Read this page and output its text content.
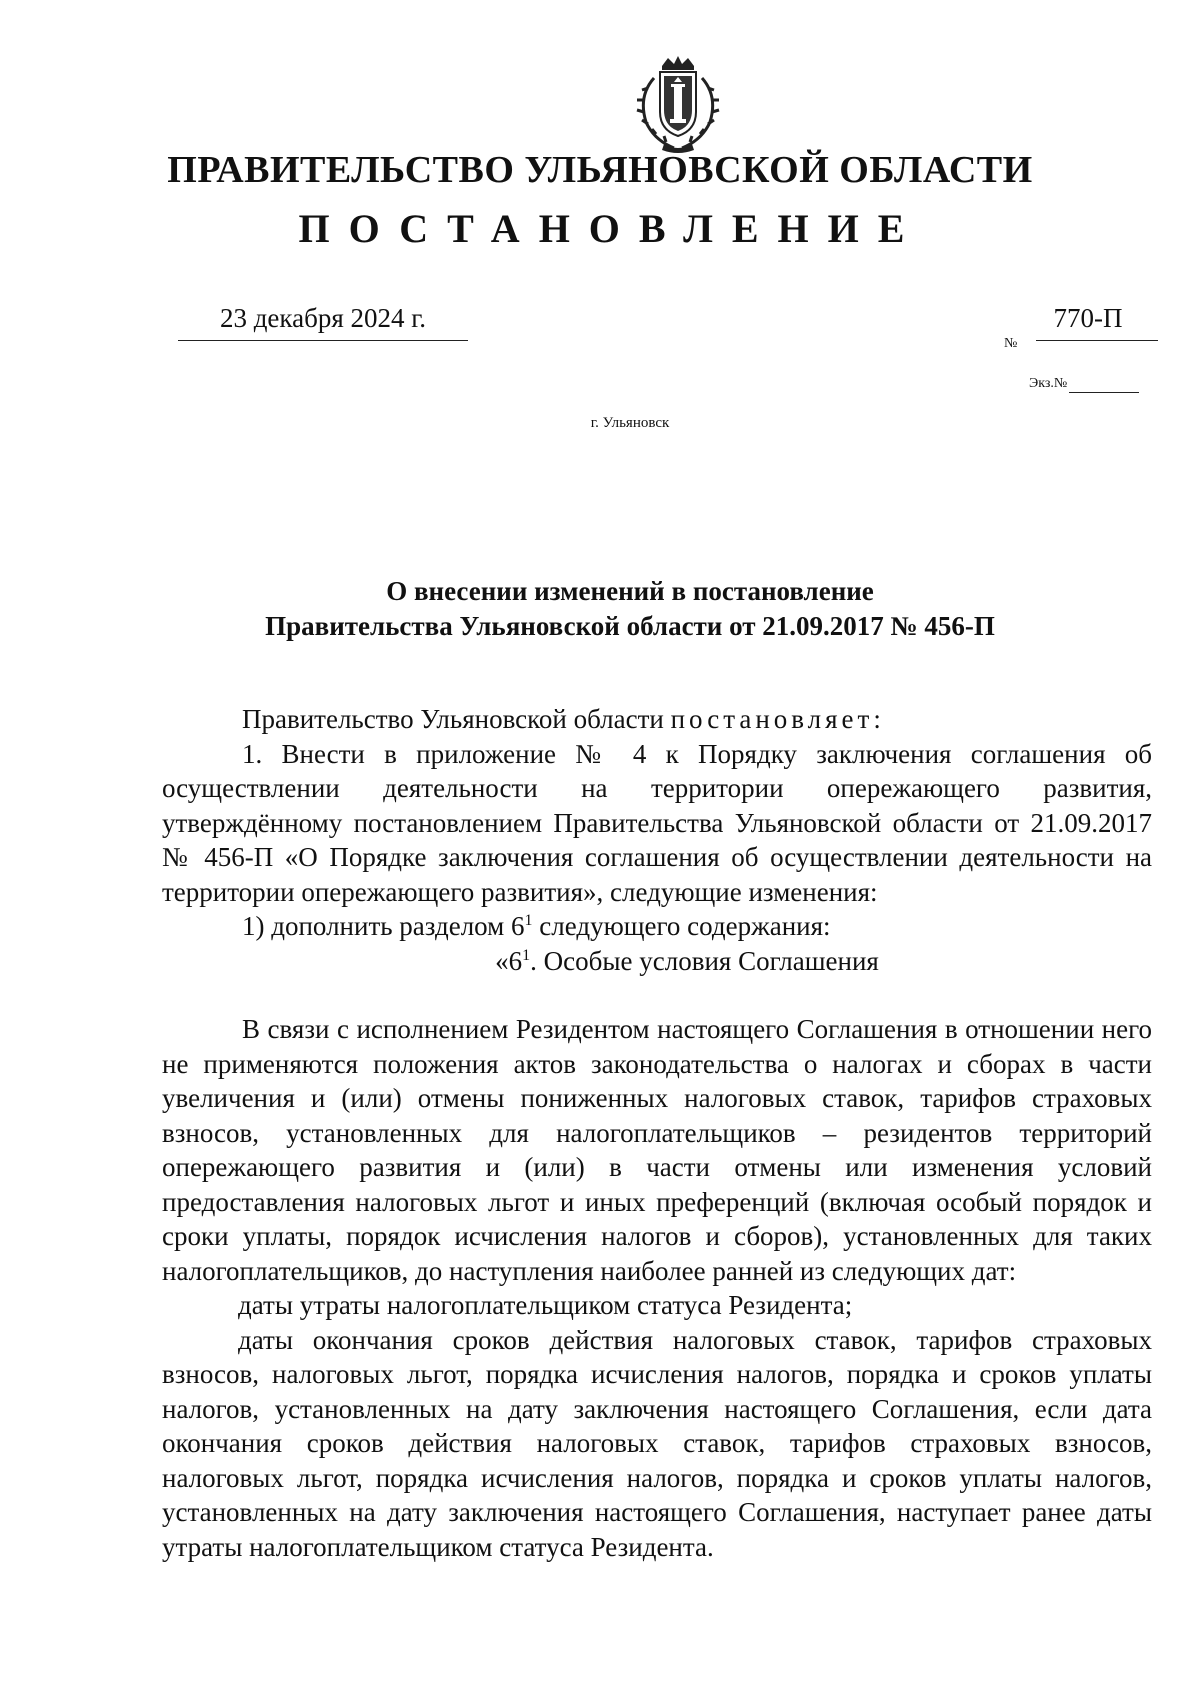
ПРАВИТЕЛЬСТВО УЛЬЯНОВСКОЙ ОБЛАСТИ
ПОСТАНОВЛЕНИЕ
23 декабря 2024 г.
№
770-П
Экз.№
г. Ульяновск
О внесении изменений в постановление
Правительства Ульяновской области от 21.09.2017 № 456-П

Правительство Ульяновской области постановляет:

1. Внести в приложение № 4 к Порядку заключения соглашения об осуществлении деятельности на территории опережающего развития, утверждённому постановлением Правительства Ульяновской области от 21.09.2017 № 456-П «О Порядке заключения соглашения об осуществлении деятельности на территории опережающего развития», следующие изменения:

1) дополнить разделом $6^1$ следующего содержания:

«$6^1$. Особые условия Соглашения

В связи с исполнением Резидентом настоящего Соглашения в отношении него не применяются положения актов законодательства о налогах и сборах в части увеличения и (или) отмены пониженных налоговых ставок, тарифов страховых взносов, установленных для налогоплательщиков – резидентов территорий опережающего развития и (или) в части отмены или изменения условий предоставления налоговых льгот и иных преференций (включая особый порядок и сроки уплаты, порядок исчисления налогов и сборов), установленных для таких налогоплательщиков, до наступления наиболее ранней из следующих дат:

даты утраты налогоплательщиком статуса Резидента;

даты окончания сроков действия налоговых ставок, тарифов страховых взносов, налоговых льгот, порядка исчисления налогов, порядка и сроков уплаты налогов, установленных на дату заключения настоящего Соглашения, если дата окончания сроков действия налоговых ставок, тарифов страховых взносов, налоговых льгот, порядка исчисления налогов, порядка и сроков уплаты налогов, установленных на дату заключения настоящего Соглашения, наступает ранее даты утраты налогоплательщиком статуса Резидента.
